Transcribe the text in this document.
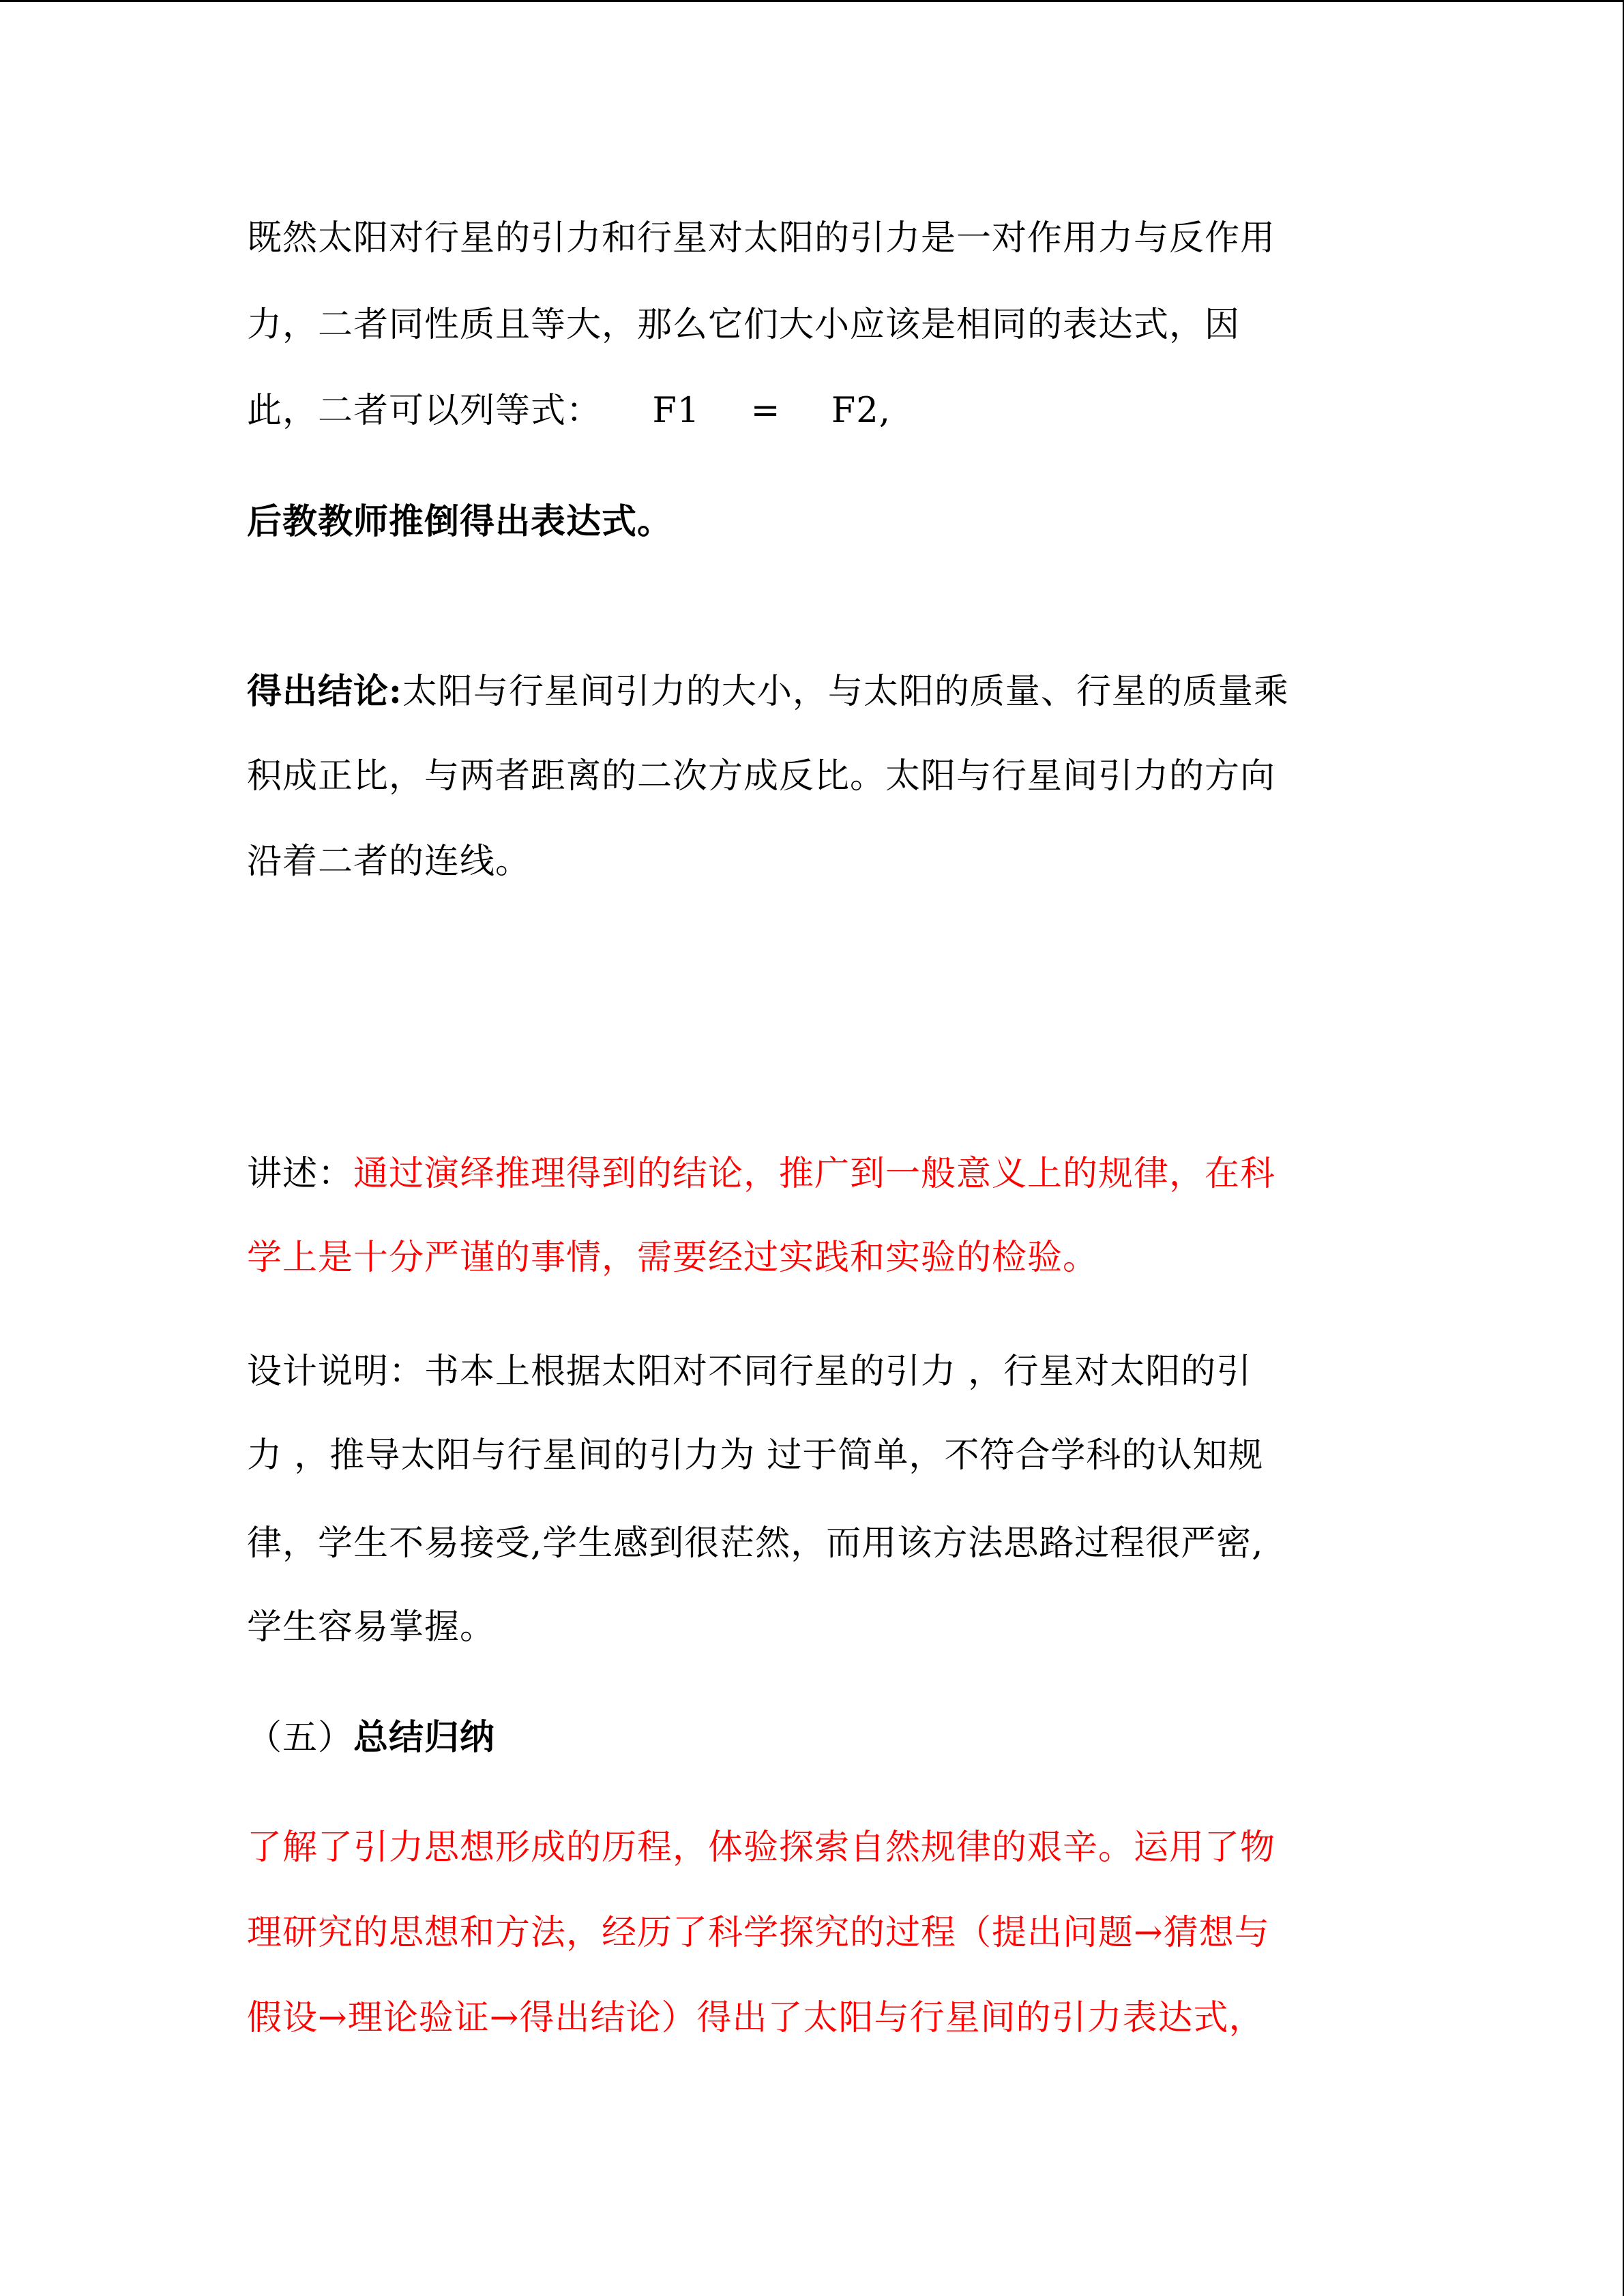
既然太阳对行星的引力和行星对太阳的引力是一对作用力与反作用
力，二者同性质且等大，那么它们大小应该是相同的表达式，因
此，二者可以列等式： F1 = F2,
后教教师推倒得出表达式。
得出结论:太阳与行星间引力的大小，与太阳的质量、行星的质量乘
积成正比，与两者距离的二次方成反比。太阳与行星间引力的方向
沿着二者的连线。
讲述：通过演绎推理得到的结论，推广到一般意义上的规律，在科
学上是十分严谨的事情，需要经过实践和实验的检验。
设计说明：书本上根据太阳对不同行星的引力 ，行星对太阳的引
力 ，推导太阳与行星间的引力为 过于简单，不符合学科的认知规
律，学生不易接受,学生感到很茫然，而用该方法思路过程很严密,
学生容易掌握。
（五）总结归纳
了解了引力思想形成的历程，体验探索自然规律的艰辛。运用了物
理研究的思想和方法，经历了科学探究的过程（提出问题→猜想与
假设→理论验证→得出结论）得出了太阳与行星间的引力表达式，
